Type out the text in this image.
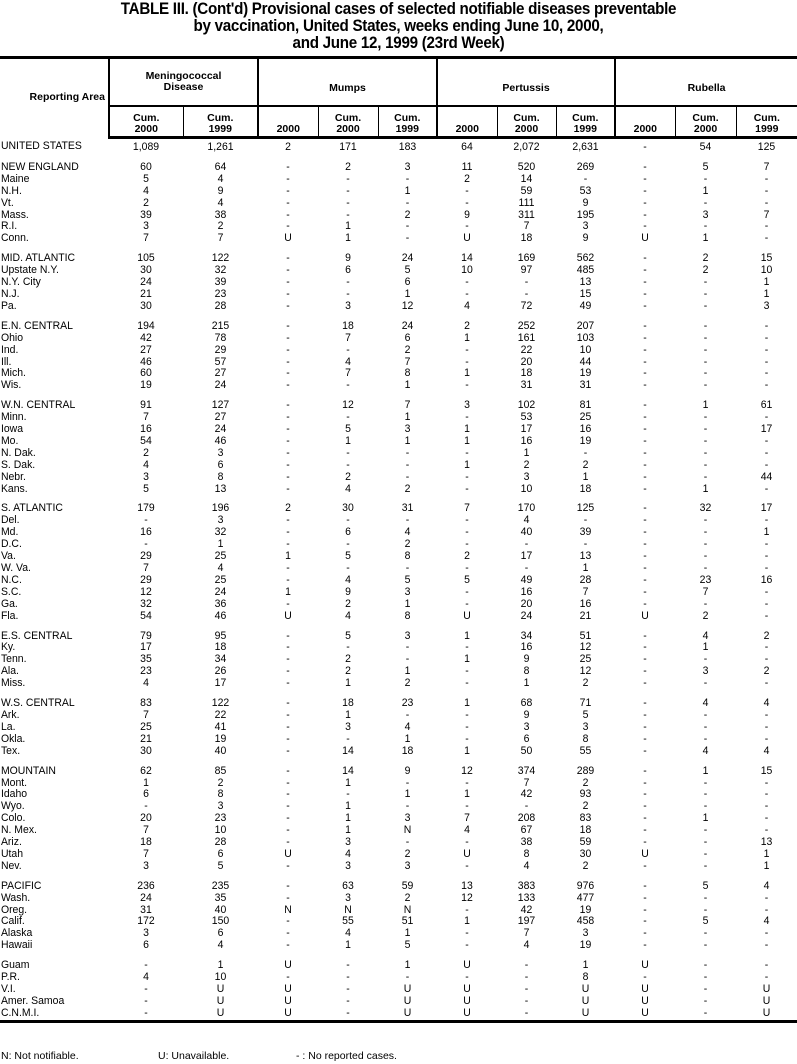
TABLE III. (Cont'd) Provisional cases of selected notifiable diseases preventable
by vaccination, United States, weeks ending June 10, 2000,
and June 12, 1999 (23rd Week)
Reporting Area	Meningococcal Disease		Mumps			Pertussis			Rubella		
	Cum. 2000	Cum. 1999	2000	Cum. 2000	Cum. 1999	2000	Cum. 2000	Cum. 1999	2000	Cum. 2000	Cum. 1999
UNITED STATES	1,089	1,261	2	171	183	64	2,072	2,631	-	54	125
NEW ENGLAND	60	64	-	2	3	11	520	269	-	5	7
Maine	5	4	-	-	-	2	14	-	-	-	-
N.H.	4	9	-	-	1	-	59	53	-	1	-
Vt.	2	4	-	-	-	-	111	9	-	-	-
Mass.	39	38	-	-	2	9	311	195	-	3	7
R.I.	3	2	-	1	-	-	7	3	-	-	-
Conn.	7	7	U	1	-	U	18	9	U	1	-
MID. ATLANTIC	105	122	-	9	24	14	169	562	-	2	15
Upstate N.Y.	30	32	-	6	5	10	97	485	-	2	10
N.Y. City	24	39	-	-	6	-	-	13	-	-	1
N.J.	21	23	-	-	1	-	-	15	-	-	1
Pa.	30	28	-	3	12	4	72	49	-	-	3
E.N. CENTRAL	194	215	-	18	24	2	252	207	-	-	-
Ohio	42	78	-	7	6	1	161	103	-	-	-
Ind.	27	29	-	-	2	-	22	10	-	-	-
Ill.	46	57	-	4	7	-	20	44	-	-	-
Mich.	60	27	-	7	8	1	18	19	-	-	-
Wis.	19	24	-	-	1	-	31	31	-	-	-
W.N. CENTRAL	91	127	-	12	7	3	102	81	-	1	61
Minn.	7	27	-	-	1	-	53	25	-	-	-
Iowa	16	24	-	5	3	1	17	16	-	-	17
Mo.	54	46	-	1	1	1	16	19	-	-	-
N. Dak.	2	3	-	-	-	-	1	-	-	-	-
S. Dak.	4	6	-	-	-	1	2	2	-	-	-
Nebr.	3	8	-	2	-	-	3	1	-	-	44
Kans.	5	13	-	4	2	-	10	18	-	1	-
S. ATLANTIC	179	196	2	30	31	7	170	125	-	32	17
Del.	-	3	-	-	-	-	4	-	-	-	-
Md.	16	32	-	6	4	-	40	39	-	-	1
D.C.	-	1	-	-	2	-	-	-	-	-	-
Va.	29	25	1	5	8	2	17	13	-	-	-
W. Va.	7	4	-	-	-	-	-	1	-	-	-
N.C.	29	25	-	4	5	5	49	28	-	23	16
S.C.	12	24	1	9	3	-	16	7	-	7	-
Ga.	32	36	-	2	1	-	20	16	-	-	-
Fla.	54	46	U	4	8	U	24	21	U	2	-
E.S. CENTRAL	79	95	-	5	3	1	34	51	-	4	2
Ky.	17	18	-	-	-	-	16	12	-	1	-
Tenn.	35	34	-	2	-	1	9	25	-	-	-
Ala.	23	26	-	2	1	-	8	12	-	3	2
Miss.	4	17	-	1	2	-	1	2	-	-	-
W.S. CENTRAL	83	122	-	18	23	1	68	71	-	4	4
Ark.	7	22	-	1	-	-	9	5	-	-	-
La.	25	41	-	3	4	-	3	3	-	-	-
Okla.	21	19	-	-	1	-	6	8	-	-	-
Tex.	30	40	-	14	18	1	50	55	-	4	4
MOUNTAIN	62	85	-	14	9	12	374	289	-	1	15
Mont.	1	2	-	1	-	-	7	2	-	-	-
Idaho	6	8	-	-	1	1	42	93	-	-	-
Wyo.	-	3	-	1	-	-	-	2	-	-	-
Colo.	20	23	-	1	3	7	208	83	-	1	-
N. Mex.	7	10	-	1	N	4	67	18	-	-	-
Ariz.	18	28	-	3	-	-	38	59	-	-	13
Utah	7	6	U	4	2	U	8	30	U	-	1
Nev.	3	5	-	3	3	-	4	2	-	-	1
PACIFIC	236	235	-	63	59	13	383	976	-	5	4
Wash.	24	35	-	3	2	12	133	477	-	-	-
Oreg.	31	40	N	N	N	-	42	19	-	-	-
Calif.	172	150	-	55	51	1	197	458	-	5	4
Alaska	3	6	-	4	1	-	7	3	-	-	-
Hawaii	6	4	-	1	5	-	4	19	-	-	-
Guam	-	1	U	-	1	U	-	1	U	-	-
P.R.	4	10	-	-	-	-	-	8	-	-	-
V.I.	-	U	U	-	U	U	-	U	U	-	U
Amer. Samoa	-	U	U	-	U	U	-	U	U	-	U
C.N.M.I.	-	U	U	-	U	U	-	U	U	-	U
N: Not notifiable.	U: Unavailable.	- : No reported cases.
